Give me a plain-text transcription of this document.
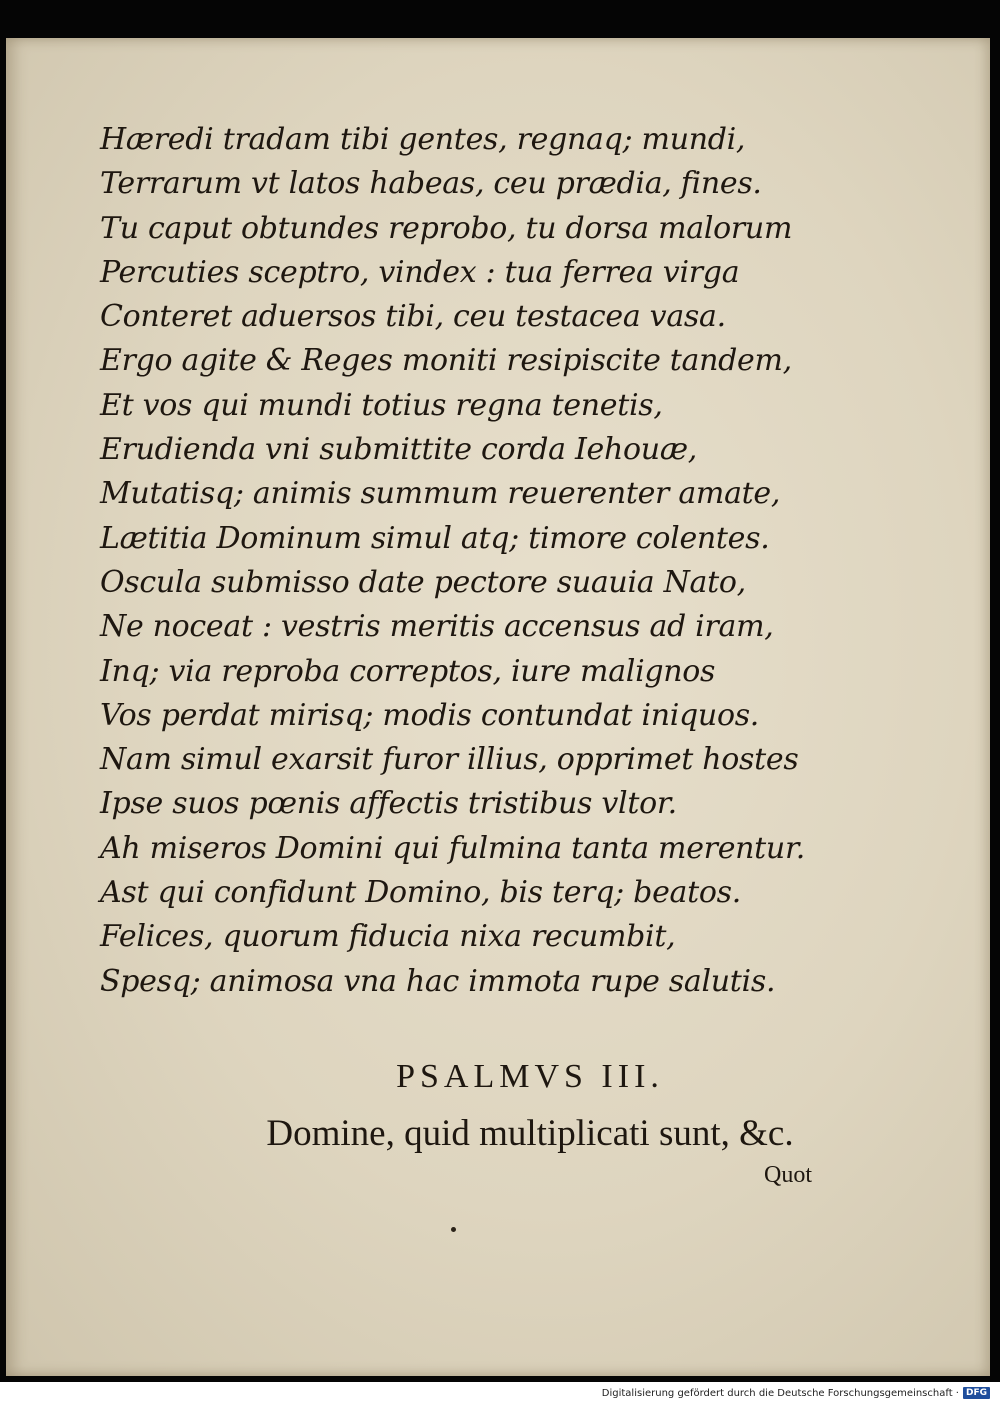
Hæredi tradam tibi gentes, regnaq; mundi,
Terrarum vt latos habeas, ceu prædia, fines.
Tu caput obtundes reprobo, tu dorsa malorum
Percuties sceptro, vindex : tua ferrea virga
Conteret aduersos tibi, ceu testacea vasa.
Ergo agite & Reges moniti resipiscite tandem,
Et vos qui mundi totius regna tenetis,
Erudienda vni submittite corda Iehouæ,
Mutatisq; animis summum reuerenter amate,
Lætitia Dominum simul atq; timore colentes.
Oscula submisso date pectore suauia Nato,
Ne noceat : vestris meritis accensus ad iram,
Inq; via reproba correptos, iure malignos
Vos perdat mirisq; modis contundat iniquos.
Nam simul exarsit furor illius, opprimet hostes
Ipse suos pœnis affectis tristibus vltor.
Ah miseros Domini qui fulmina tanta merentur.
Ast qui confidunt Domino, bis terq; beatos.
Felices, quorum fiducia nixa recumbit,
Spesq; animosa vna hac immota rupe salutis.
PSALMVS III.
Domine, quid multiplicati sunt, &c.
Quot
Digitalisierung gefördert durch die Deutsche Forschungsgemeinschaft · DFG
